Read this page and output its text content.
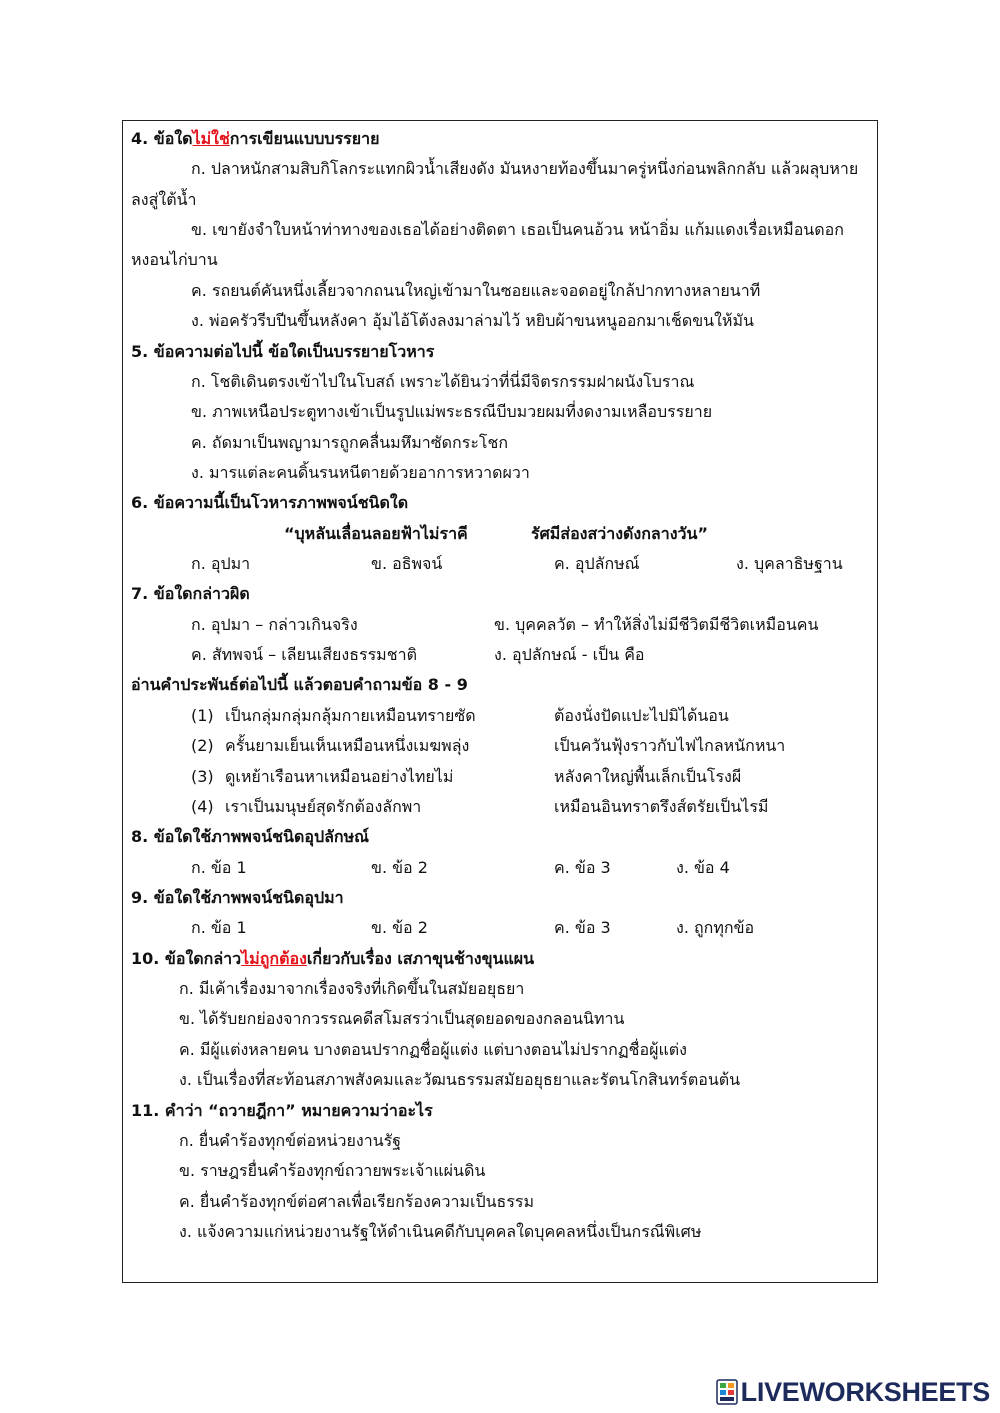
4. ข้อใดไม่ใช่การเขียนแบบบรรยาย

ก. ปลาหนักสามสิบกิโลกระแทกผิวน้ำเสียงดัง มันหงายท้องขึ้นมาครู่หนึ่งก่อนพลิกกลับ แล้วผลุบหายลงสู่ใต้น้ำ

ข. เขายังจำใบหน้าท่าทางของเธอได้อย่างติดตา เธอเป็นคนอ้วน หน้าอิ่ม แก้มแดงเรื่อเหมือนดอกหงอนไก่บาน

ค. รถยนต์คันหนึ่งเลี้ยวจากถนนใหญ่เข้ามาในซอยและจอดอยู่ใกล้ปากทางหลายนาที

ง. พ่อครัวรีบปีนขึ้นหลังคา อุ้มไอ้โต้งลงมาล่ามไว้ หยิบผ้าขนหนูออกมาเช็ดขนให้มัน

5. ข้อความต่อไปนี้ ข้อใดเป็นบรรยายโวหาร

ก. โชติเดินตรงเข้าไปในโบสถ์ เพราะได้ยินว่าที่นี่มีจิตรกรรมฝาผนังโบราณ

ข. ภาพเหนือประตูทางเข้าเป็นรูปแม่พระธรณีบีบมวยผมที่งดงามเหลือบรรยาย

ค. ถัดมาเป็นพญามารถูกคลื่นมหึมาซัดกระโชก

ง. มารแต่ละคนดิ้นรนหนีตายด้วยอาการหวาดผวา

6. ข้อความนี้เป็นโวหารภาพพจน์ชนิดใด

“บุหลันเลื่อนลอยฟ้าไม่ราคี	รัศมีส่องสว่างดังกลางวัน”
ก. อุปมา	ข. อธิพจน์	ค. อุปลักษณ์	ง. บุคลาธิษฐาน

7. ข้อใดกล่าวผิด

ก. อุปมา – กล่าวเกินจริง	ข. บุคคลวัต – ทำให้สิ่งไม่มีชีวิตมีชีวิตเหมือนคน
ค. สัทพจน์ – เลียนเสียงธรรมชาติ	ง. อุปลักษณ์ - เป็น คือ

อ่านคำประพันธ์ต่อไปนี้ แล้วตอบคำถามข้อ 8 - 9

(1) เป็นกลุ่มกลุ่มกลุ้มกายเหมือนทรายซัด	ต้องนั่งปัดแปะไปมิได้นอน
(2) ครั้นยามเย็นเห็นเหมือนหนึ่งเมฆพลุ่ง	เป็นควันฟุ้งราวกับไฟไกลหนักหนา
(3) ดูเหย้าเรือนหาเหมือนอย่างไทยไม่	หลังคาใหญ่พื้นเล็กเป็นโรงผี
(4) เราเป็นมนุษย์สุดรักต้องลักพา	เหมือนอินทราตรึงส์ตรัยเป็นไรมี

8. ข้อใดใช้ภาพพจน์ชนิดอุปลักษณ์

ก. ข้อ 1	ข. ข้อ 2	ค. ข้อ 3	ง. ข้อ 4

9. ข้อใดใช้ภาพพจน์ชนิดอุปมา

ก. ข้อ 1	ข. ข้อ 2	ค. ข้อ 3	ง. ถูกทุกข้อ

10. ข้อใดกล่าวไม่ถูกต้องเกี่ยวกับเรื่อง เสภาขุนช้างขุนแผน

ก. มีเค้าเรื่องมาจากเรื่องจริงที่เกิดขึ้นในสมัยอยุธยา

ข. ได้รับยกย่องจากวรรณคดีสโมสรว่าเป็นสุดยอดของกลอนนิทาน

ค. มีผู้แต่งหลายคน บางตอนปรากฏชื่อผู้แต่ง แต่บางตอนไม่ปรากฏชื่อผู้แต่ง

ง. เป็นเรื่องที่สะท้อนสภาพสังคมและวัฒนธรรมสมัยอยุธยาและรัตนโกสินทร์ตอนต้น

11. คำว่า “ถวายฎีกา” หมายความว่าอะไร

ก. ยื่นคำร้องทุกข์ต่อหน่วยงานรัฐ

ข. ราษฎรยื่นคำร้องทุกข์ถวายพระเจ้าแผ่นดิน

ค. ยื่นคำร้องทุกข์ต่อศาลเพื่อเรียกร้องความเป็นธรรม

ง. แจ้งความแก่หน่วยงานรัฐให้ดำเนินคดีกับบุคคลใดบุคคลหนึ่งเป็นกรณีพิเศษ

LIVEWORKSHEETS
